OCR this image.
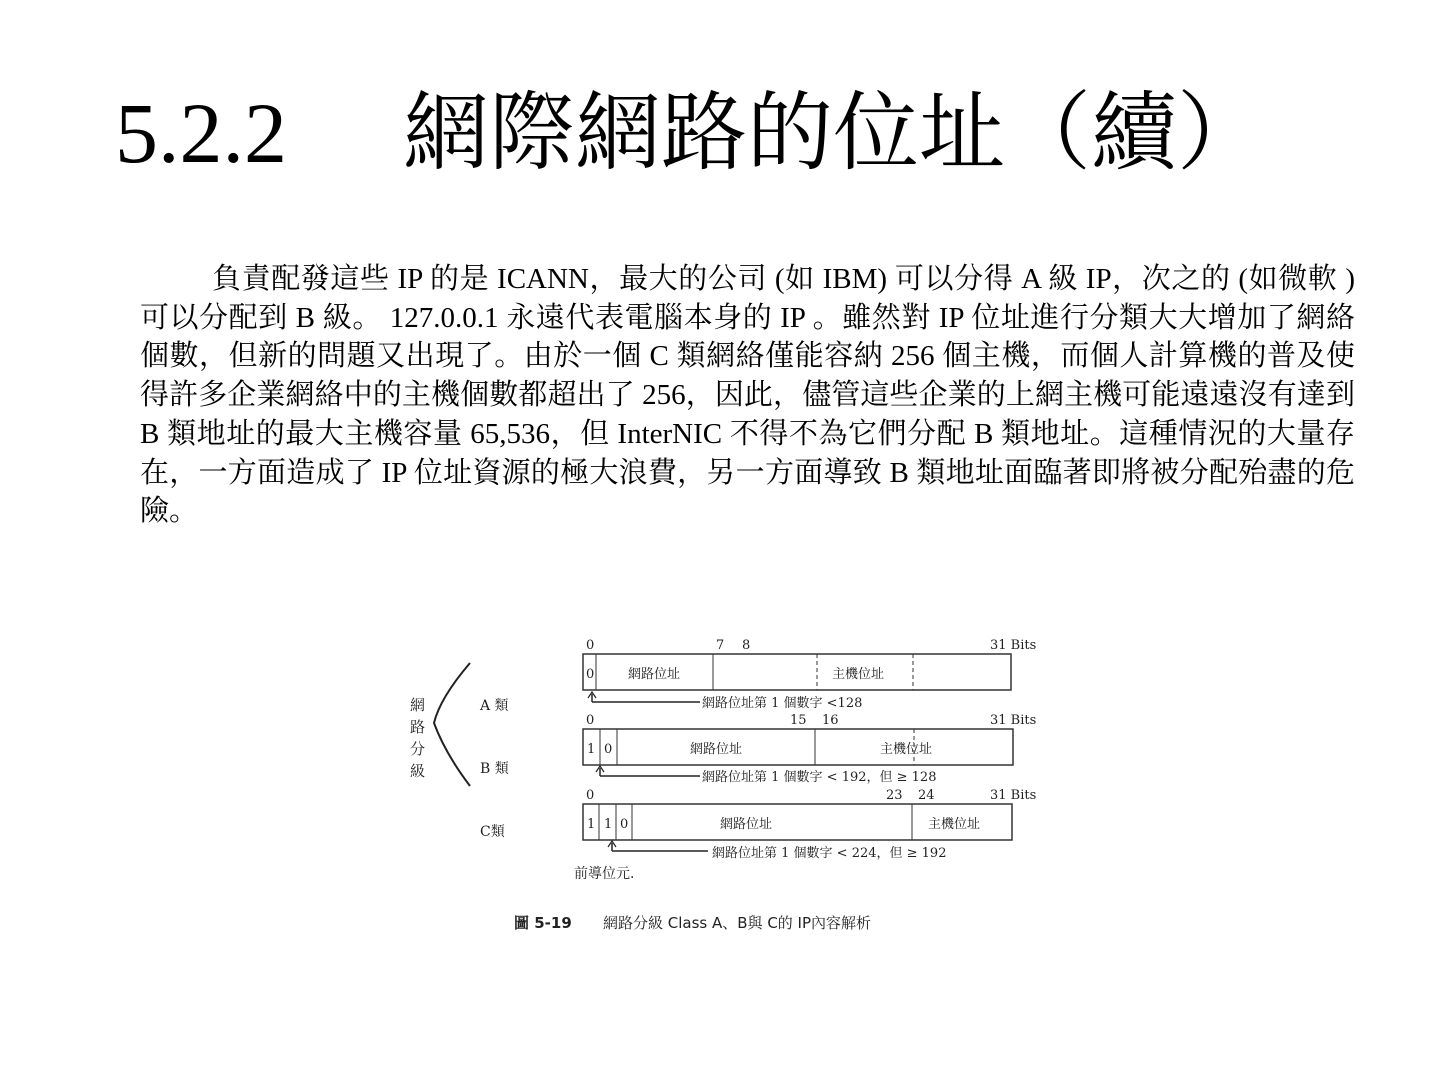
5.2.2 網際網路的位址（續）
負責配發這些 IP 的是 ICANN，最大的公司 (如 IBM) 可以分得 A 級 IP，次之的 (如微軟 ) 可以分配到 B 級。 127.0.0.1 永遠代表電腦本身的 IP 。雖然對 IP 位址進行分類大大增加了網絡個數，但新的問題又出現了。由於一個 C 類網絡僅能容納 256 個主機，而個人計算機的普及使得許多企業網絡中的主機個數都超出了 256，因此，儘管這些企業的上網主機可能遠遠沒有達到 B 類地址的最大主機容量 65,536，但 InterNIC 不得不為它們分配 B 類地址。這種情況的大量存在，一方面造成了 IP 位址資源的極大浪費，另一方面導致 B 類地址面臨著即將被分配殆盡的危險。
網
路
分
級
A 類
B 類
C類
0	7 8	31 Bits
0	網路位址	主機位址
網路位址第 1 個數字 <128
0	15 16	31 Bits
1 0	網路位址	主機位址
網路位址第 1 個數字 < 192，但 ≥ 128
0	23 24	31 Bits
1 1 0	網路位址	主機位址
網路位址第 1 個數字 < 224，但 ≥ 192
前導位元.
圖 5-19 網路分級 Class A、B與 C的 IP內容解析
